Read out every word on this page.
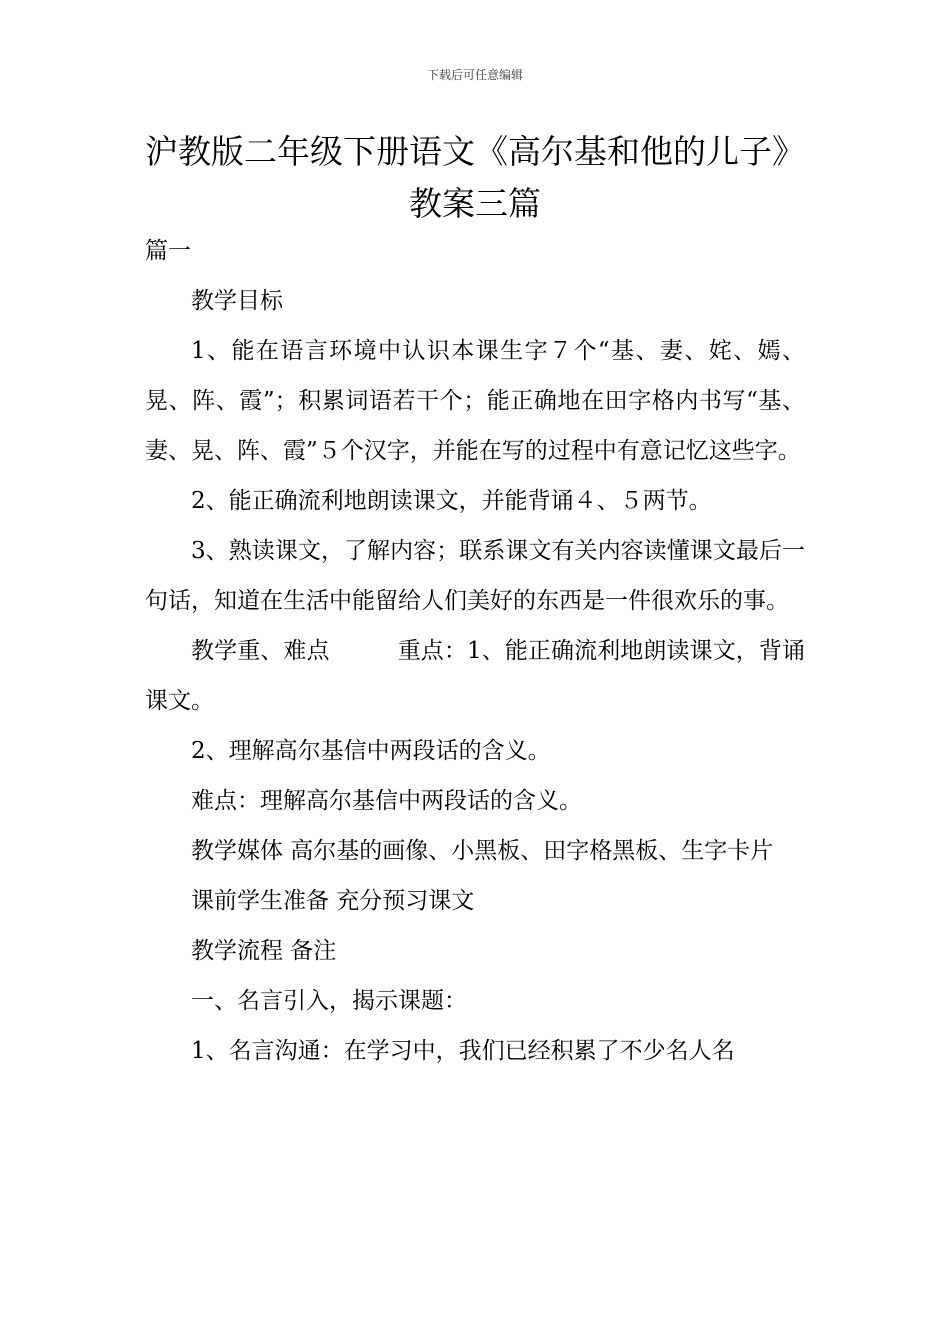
下载后可任意编辑
沪教版二年级下册语文《高尔基和他的儿子》教案三篇

篇一

教学目标

1、能在语言环境中认识本课生字７个“基、妻、姹、嫣、晃、阵、霞”；积累词语若干个；能正确地在田字格内书写“基、妻、晃、阵、霞”５个汉字，并能在写的过程中有意记忆这些字。

2、能正确流利地朗读课文，并能背诵４、５两节。

3、熟读课文，了解内容；联系课文有关内容读懂课文最后一句话，知道在生活中能留给人们美好的东西是一件很欢乐的事。

教学重、难点	重点：1、能正确流利地朗读课文，背诵课文。

2、理解高尔基信中两段话的含义。

难点：理解高尔基信中两段话的含义。

教学媒体 高尔基的画像、小黑板、田字格黑板、生字卡片

课前学生准备 充分预习课文

教学流程 备注

一、名言引入，揭示课题：

1、名言沟通：在学习中，我们已经积累了不少名人名
